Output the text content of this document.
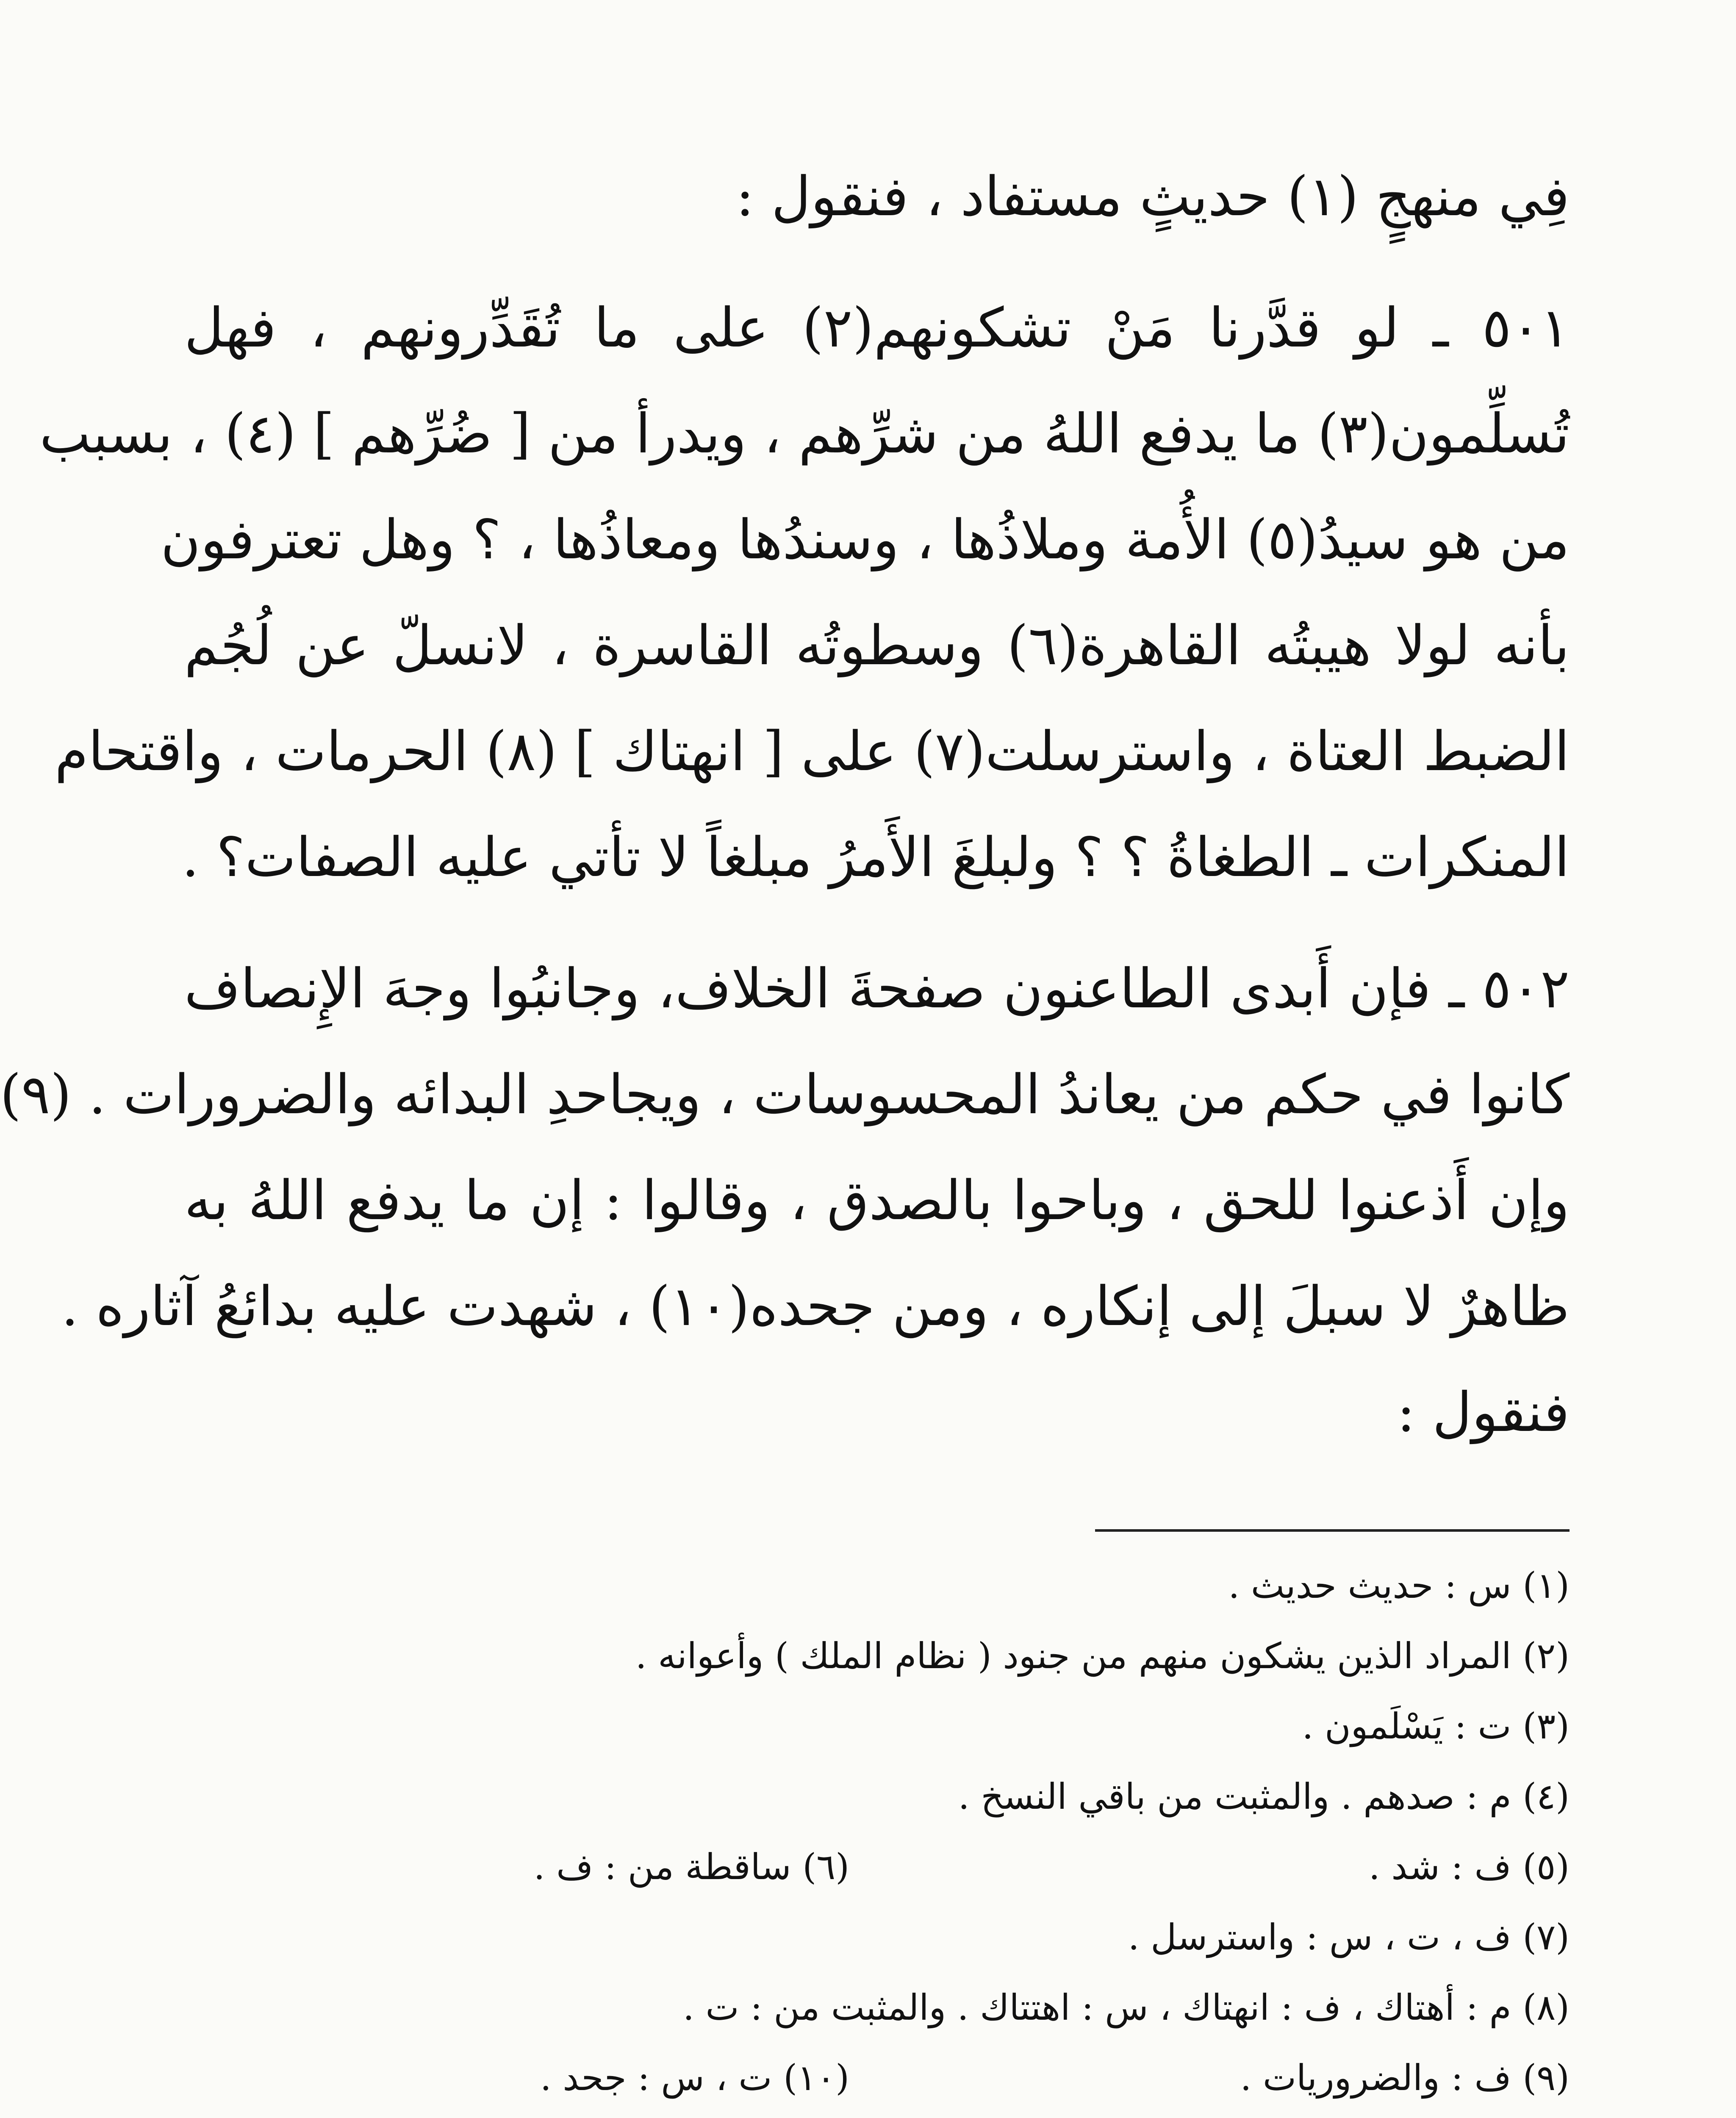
فِي منهجٍ (١) حديثٍ مستفاد ، فنقول :
٥٠١ ـ لو قدَّرنا مَنْ تشكونهم(٢) على ما تُقَدِّرونهم ، فهل
تُسلِّمون(٣) ما يدفع اللهُ من شرِّهم ، ويدرأ من [ ضُرِّهم ] (٤) ، بسبب
من هو سيدُ(٥) الأُمة وملاذُها ، وسندُها ومعاذُها ، ؟ وهل تعترفون
بأنه لولا هيبتُه القاهرة(٦) وسطوتُه القاسرة ، لانسلّ عن لُجُم
الضبط العتاة ، واسترسلت(٧) على [ انهتاك ] (٨) الحرمات ، واقتحام
المنكرات ـ الطغاةُ ؟ ؟ ولبلغَ الأَمرُ مبلغاً لا تأتي عليه الصفات؟ .
٥٠٢ ـ فإن أَبدى الطاعنون صفحةَ الخلاف، وجانبُوا وجهَ الإِنصاف
كانوا في حكم من يعاندُ المحسوسات ، ويجاحدِ البدائه والضرورات . (٩)
وإن أَذعنوا للحق ، وباحوا بالصدق ، وقالوا : إن ما يدفع اللهُ به
ظاهرٌ لا سبلَ إلى إنكاره ، ومن جحده(١٠) ، شهدت عليه بدائعُ آثاره .
فنقول :
(١) س : حديث حديث .
(٢) المراد الذين يشكون منهم من جنود ( نظام الملك ) وأعوانه .
(٣) ت : يَسْلَمون .
(٤) م : صدهم . والمثبت من باقي النسخ .
(٥) ف : شد .
(٦) ساقطة من : ف .
(٧) ف ، ت ، س : واسترسل .
(٨) م : أهتاك ، ف : انهتاك ، س : اهتتاك . والمثبت من : ت .
(٩) ف : والضروريات .
(١٠) ت ، س : جحد .
